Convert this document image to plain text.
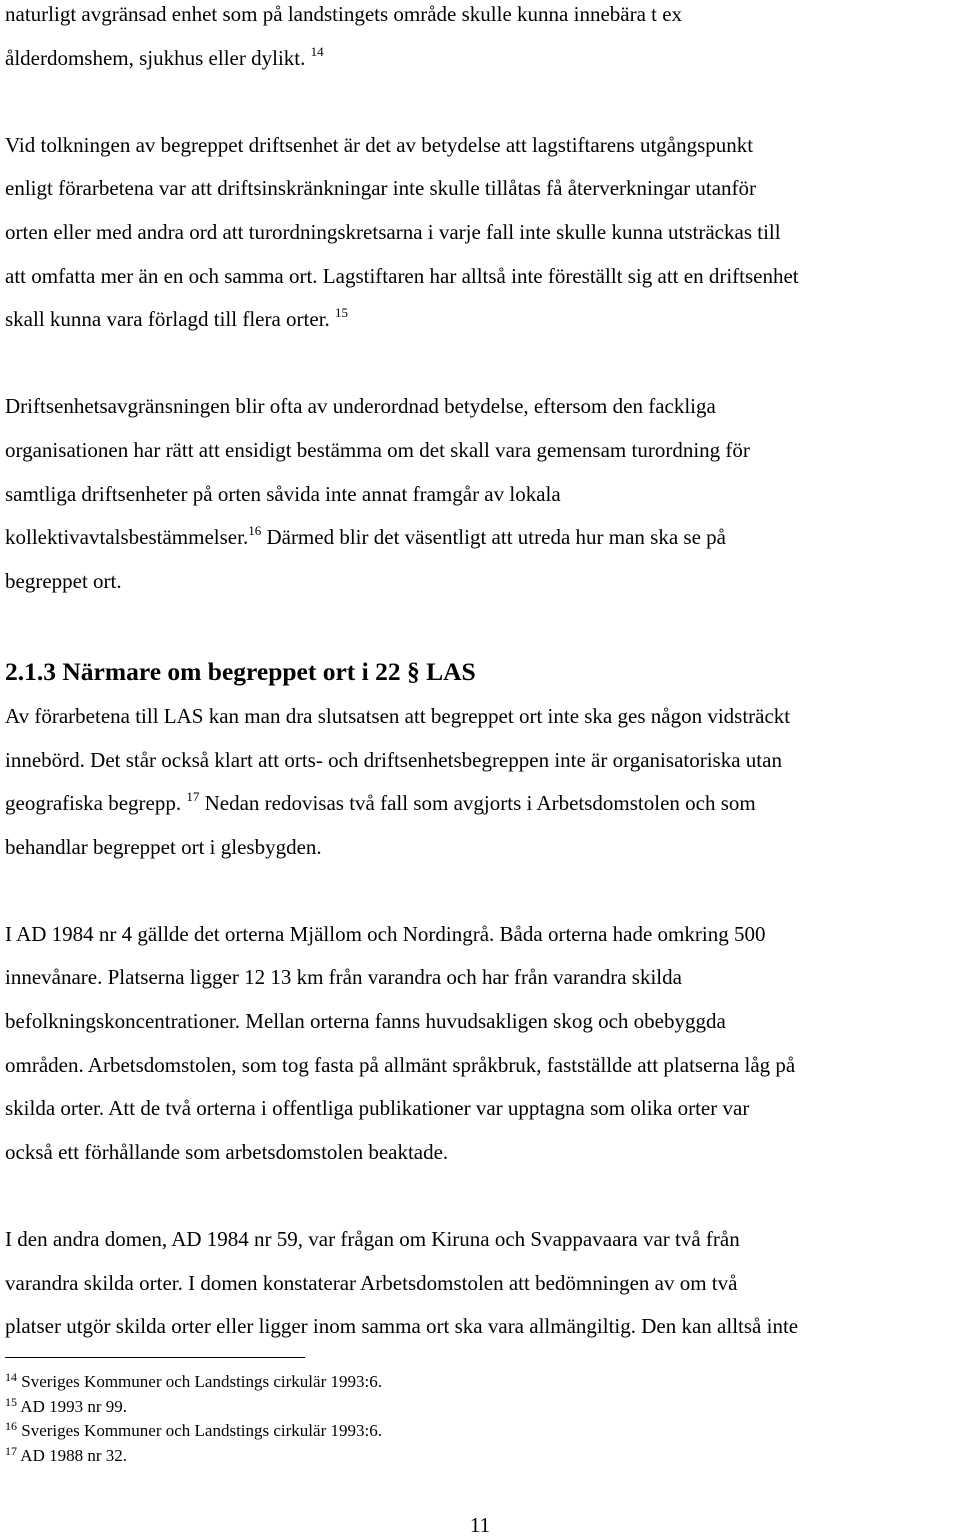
naturligt avgränsad enhet som på landstingets område skulle kunna innebära t ex
ålderdomshem, sjukhus eller dylikt. $^{14}$

Vid tolkningen av begreppet driftsenhet är det av betydelse att lagstiftarens utgångspunkt
enligt förarbetena var att driftsinskränkningar inte skulle tillåtas få återverkningar utanför
orten eller med andra ord att turordningskretsarna i varje fall inte skulle kunna utsträckas till
att omfatta mer än en och samma ort. Lagstiftaren har alltså inte föreställt sig att en driftsenhet
skall kunna vara förlagd till flera orter. $^{15}$

Driftsenhetsavgränsningen blir ofta av underordnad betydelse, eftersom den fackliga
organisationen har rätt att ensidigt bestämma om det skall vara gemensam turordning för
samtliga driftsenheter på orten såvida inte annat framgår av lokala
kollektivavtalsbestämmelser.$^{16}$ Därmed blir det väsentligt att utreda hur man ska se på
begreppet ort.

2.1.3 Närmare om begreppet ort i 22 § LAS

Av förarbetena till LAS kan man dra slutsatsen att begreppet ort inte ska ges någon vidsträckt
innebörd. Det står också klart att orts- och driftsenhetsbegreppen inte är organisatoriska utan
geografiska begrepp. $^{17}$ Nedan redovisas två fall som avgjorts i Arbetsdomstolen och som
behandlar begreppet ort i glesbygden.

I AD 1984 nr 4 gällde det orterna Mjällom och Nordingrå. Båda orterna hade omkring 500
innevånare. Platserna ligger 12 13 km från varandra och har från varandra skilda
befolkningskoncentrationer. Mellan orterna fanns huvudsakligen skog och obebyggda
områden. Arbetsdomstolen, som tog fasta på allmänt språkbruk, fastställde att platserna låg på
skilda orter. Att de två orterna i offentliga publikationer var upptagna som olika orter var
också ett förhållande som arbetsdomstolen beaktade.

I den andra domen, AD 1984 nr 59, var frågan om Kiruna och Svappavaara var två från
varandra skilda orter. I domen konstaterar Arbetsdomstolen att bedömningen av om två
platser utgör skilda orter eller ligger inom samma ort ska vara allmängiltig. Den kan alltså inte

$^{14}$ Sveriges Kommuner och Landstings cirkulär 1993:6.
$^{15}$ AD 1993 nr 99.
$^{16}$ Sveriges Kommuner och Landstings cirkulär 1993:6.
$^{17}$ AD 1988 nr 32.
11
